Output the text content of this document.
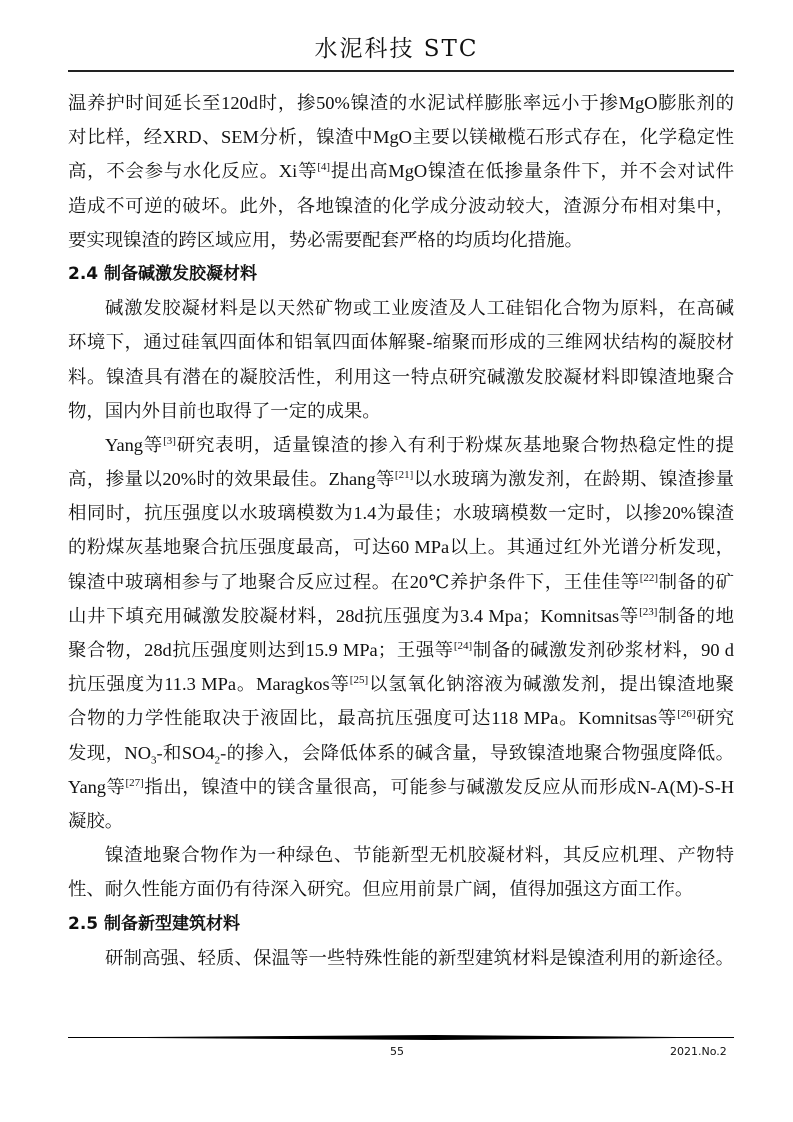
水泥科技 STC
温养护时间延长至120d时，掺50%镍渣的水泥试样膨胀率远小于掺MgO膨胀剂的
对比样，经XRD、SEM分析，镍渣中MgO主要以镁橄榄石形式存在，化学稳定性
高，不会参与水化反应。Xi等[4]提出高MgO镍渣在低掺量条件下，并不会对试件
造成不可逆的破坏。此外，各地镍渣的化学成分波动较大，渣源分布相对集中，
要实现镍渣的跨区域应用，势必需要配套严格的均质均化措施。
2.4 制备碱激发胶凝材料
碱激发胶凝材料是以天然矿物或工业废渣及人工硅铝化合物为原料，在高碱
环境下，通过硅氧四面体和铝氧四面体解聚-缩聚而形成的三维网状结构的凝胶材
料。镍渣具有潜在的凝胶活性，利用这一特点研究碱激发胶凝材料即镍渣地聚合
物，国内外目前也取得了一定的成果。
Yang等[3]研究表明，适量镍渣的掺入有利于粉煤灰基地聚合物热稳定性的提
高，掺量以20%时的效果最佳。Zhang等[21]以水玻璃为激发剂，在龄期、镍渣掺量
相同时，抗压强度以水玻璃模数为1.4为最佳；水玻璃模数一定时，以掺20%镍渣
的粉煤灰基地聚合抗压强度最高，可达60 MPa以上。其通过红外光谱分析发现，
镍渣中玻璃相参与了地聚合反应过程。在20℃养护条件下，王佳佳等[22]制备的矿
山井下填充用碱激发胶凝材料，28d抗压强度为3.4 Mpa；Komnitsas等[23]制备的地
聚合物，28d抗压强度则达到15.9 MPa；王强等[24]制备的碱激发剂砂浆材料，90 d
抗压强度为11.3 MPa。Maragkos等[25]以氢氧化钠溶液为碱激发剂，提出镍渣地聚
合物的力学性能取决于液固比，最高抗压强度可达118 MPa。Komnitsas等[26]研究
发现，$NO_3-$和$SO4_2-$的掺入，会降低体系的碱含量，导致镍渣地聚合物强度降低。
Yang等[27]指出，镍渣中的镁含量很高，可能参与碱激发反应从而形成N-A(M)-S-H
凝胶。
镍渣地聚合物作为一种绿色、节能新型无机胶凝材料，其反应机理、产物特
性、耐久性能方面仍有待深入研究。但应用前景广阔，值得加强这方面工作。
2.5 制备新型建筑材料
研制高强、轻质、保温等一些特殊性能的新型建筑材料是镍渣利用的新途径。
55	2021.No.2
